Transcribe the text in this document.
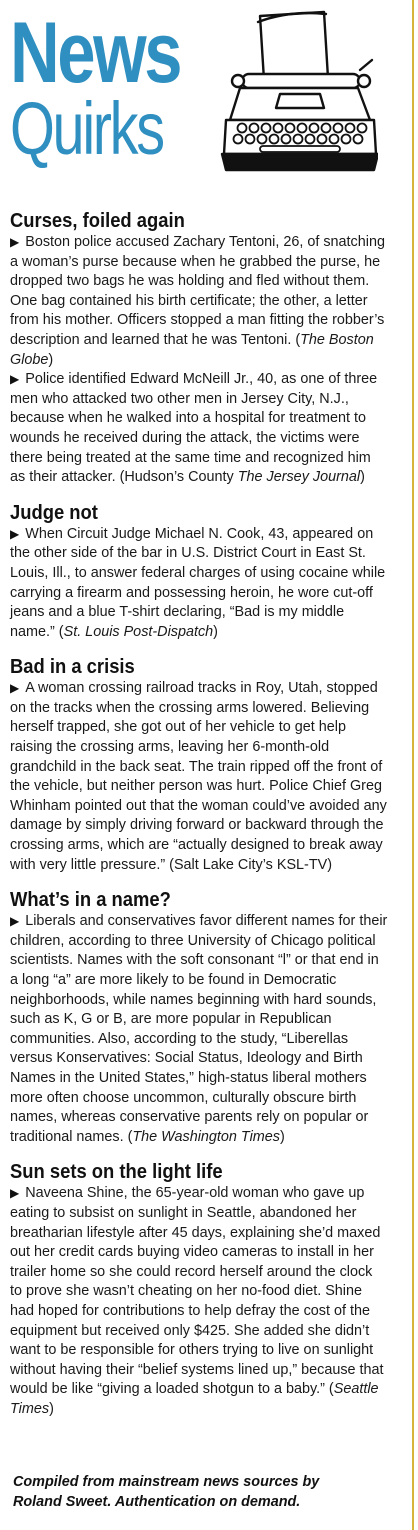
News
Quirks
Curses, foiled again

▶ Boston police accused Zachary Tentoni, 26, of snatching a woman’s purse because when he grabbed the purse, he dropped two bags he was holding and fled without them. One bag contained his birth certificate; the other, a letter from his mother. Officers stopped a man fitting the robber’s description and learned that he was Tentoni. (The Boston Globe)

▶ Police identified Edward McNeill Jr., 40, as one of three men who attacked two other men in Jersey City, N.J., because when he walked into a hospital for treatment to wounds he received during the attack, the victims were there being treated at the same time and recognized him as their attacker. (Hudson’s County The Jersey Journal)

Judge not

▶ When Circuit Judge Michael N. Cook, 43, appeared on the other side of the bar in U.S. District Court in East St. Louis, Ill., to answer federal charges of using cocaine while carrying a firearm and possessing heroin, he wore cut-off jeans and a blue T-shirt declaring, “Bad is my middle name.” (St. Louis Post-Dispatch)

Bad in a crisis

▶ A woman crossing railroad tracks in Roy, Utah, stopped on the tracks when the crossing arms lowered. Believing herself trapped, she got out of her vehicle to get help raising the crossing arms, leaving her 6-month-old grandchild in the back seat. The train ripped off the front of the vehicle, but neither person was hurt. Police Chief Greg Whinham pointed out that the woman could’ve avoided any damage by simply driving forward or backward through the crossing arms, which are “actually designed to break away with very little pressure.” (Salt Lake City’s KSL-TV)

What’s in a name?

▶ Liberals and conservatives favor different names for their children, according to three University of Chicago political scientists. Names with the soft consonant “l” or that end in a long “a” are more likely to be found in Democratic neighborhoods, while names beginning with hard sounds, such as K, G or B, are more popular in Republican communities. Also, according to the study, “Liberellas versus Konservatives: Social Status, Ideology and Birth Names in the United States,” high-status liberal mothers more often choose uncommon, culturally obscure birth names, whereas conservative parents rely on popular or traditional names. (The Washington Times)

Sun sets on the light life

▶ Naveena Shine, the 65-year-old woman who gave up eating to subsist on sunlight in Seattle, abandoned her breatharian lifestyle after 45 days, explaining she’d maxed out her credit cards buying video cameras to install in her trailer home so she could record herself around the clock to prove she wasn’t cheating on her no-food diet. Shine had hoped for contributions to help defray the cost of the equipment but received only $425. She added she didn’t want to be responsible for others trying to live on sunlight without having their “belief systems lined up,” because that would be like “giving a loaded shotgun to a baby.” (Seattle Times)

Compiled from mainstream news sources by
Roland Sweet. Authentication on demand.
